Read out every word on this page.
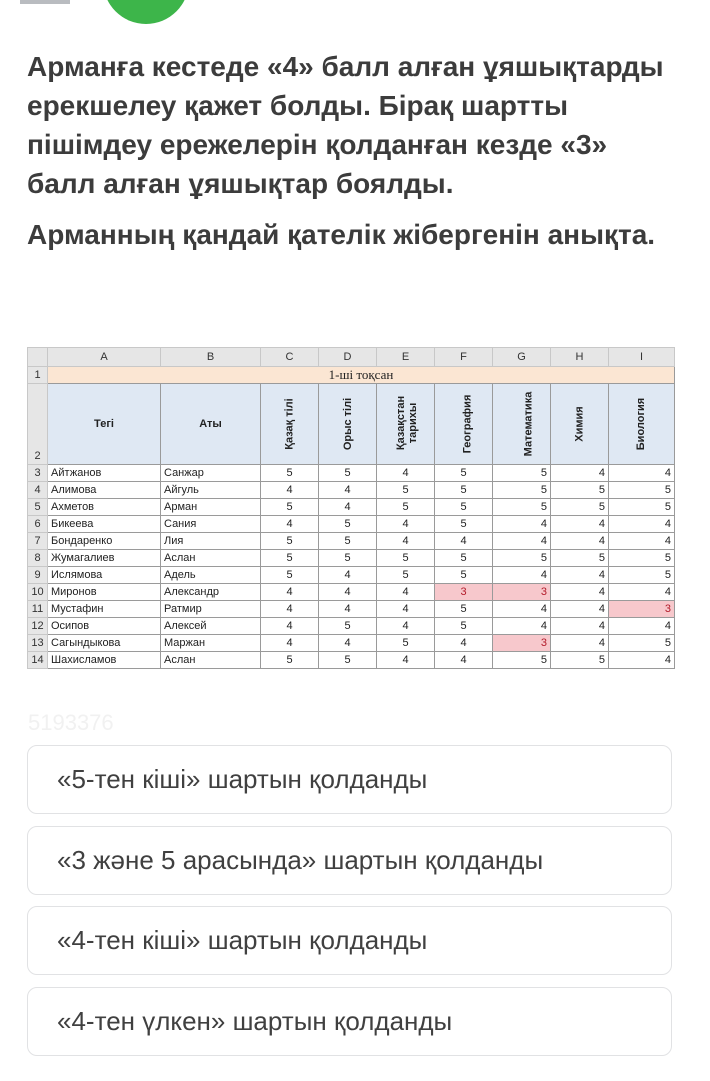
Арманға кестеде «4» балл алған ұяшықтарды ерекшелеу қажет болды. Бірақ шартты пішімдеу ережелерін қолданған кезде «3» балл алған ұяшықтар боялды.

Арманның қандай қателік жібергенін анықта.

	A	B	C	D	E	F	G	H	I
1	1-ші тоқсан								
2	Тегі	Аты	Қазақ тілі	Орыс тілі	Қазақстан
тарихы	География	Математика	Химия	Биология
3	Айтжанов	Санжар	5	5	4	5	5	4	4
4	Алимова	Айгуль	4	4	5	5	5	5	5
5	Ахметов	Арман	5	4	5	5	5	5	5
6	Бикеева	Сания	4	5	4	5	4	4	4
7	Бондаренко	Лия	5	5	4	4	4	4	4
8	Жумагалиев	Аслан	5	5	5	5	5	5	5
9	Ислямова	Адель	5	4	5	5	4	4	5
10	Миронов	Александр	4	4	4	3	3	4	4
11	Мустафин	Ратмир	4	4	4	5	4	4	3
12	Осипов	Алексей	4	5	4	5	4	4	4
13	Сагындыкова	Маржан	4	4	5	4	3	4	5
14	Шахисламов	Аслан	5	5	4	4	5	5	4
5193376
«5-тен кіші» шартын қолданды
«3 және 5 арасында» шартын қолданды
«4-тен кіші» шартын қолданды
«4-тен үлкен» шартын қолданды
